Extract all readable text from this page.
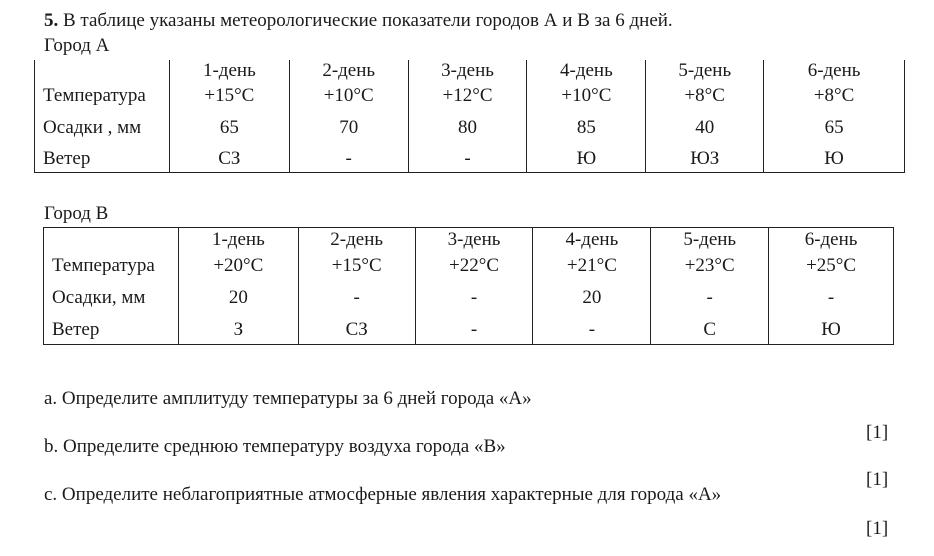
5. В таблице указаны метеорологические показатели городов А и В за 6 дней.
Город А
	1-день	2-день	3-день	4-день	5-день	6-день
Температура	+15°С	+10°С	+12°С	+10°С	+8°С	+8°С
Осадки , мм	65	70	80	85	40	65
Ветер	СЗ	-	-	Ю	ЮЗ	Ю
Город В
	1-день	2-день	3-день	4-день	5-день	6-день
Температура	+20°С	+15°С	+22°С	+21°С	+23°С	+25°С
Осадки, мм	20	-	-	20	-	-
Ветер	З	СЗ	-	-	С	Ю
a. Определите амплитуду температуры за 6 дней города «А»
[1]
b. Определите среднюю температуру воздуха города «В»
[1]
c. Определите неблагоприятные атмосферные явления характерные для города «А»
[1]
